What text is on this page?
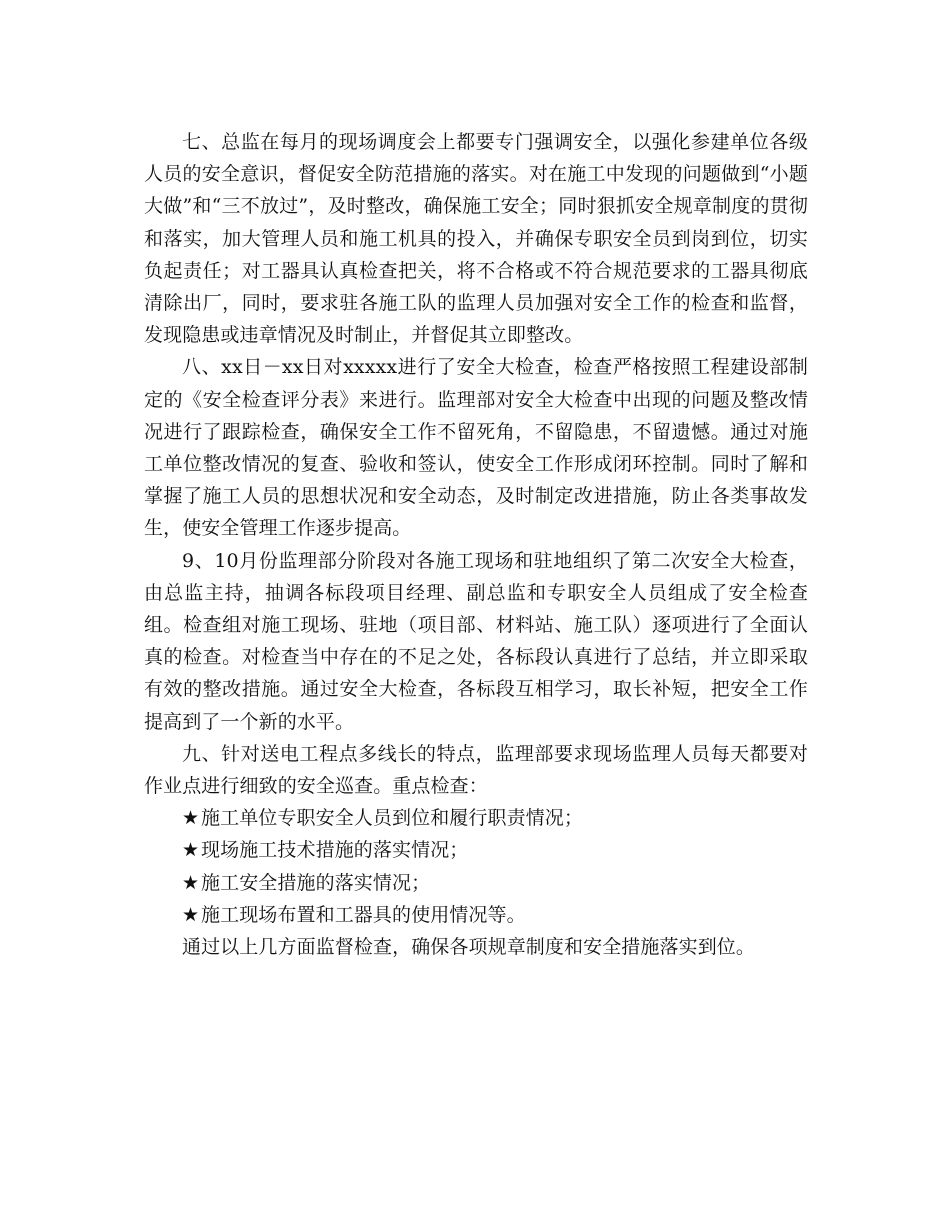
七、总监在每月的现场调度会上都要专门强调安全，以强化参建单位各级人员的安全意识，督促安全防范措施的落实。对在施工中发现的问题做到“小题大做”和“三不放过”，及时整改，确保施工安全；同时狠抓安全规章制度的贯彻和落实，加大管理人员和施工机具的投入，并确保专职安全员到岗到位，切实负起责任；对工器具认真检查把关，将不合格或不符合规范要求的工器具彻底清除出厂，同时，要求驻各施工队的监理人员加强对安全工作的检查和监督，发现隐患或违章情况及时制止，并督促其立即整改。

八、xx日－xx日对xxxxx进行了安全大检查，检查严格按照工程建设部制定的《安全检查评分表》来进行。监理部对安全大检查中出现的问题及整改情况进行了跟踪检查，确保安全工作不留死角，不留隐患，不留遗憾。通过对施工单位整改情况的复查、验收和签认，使安全工作形成闭环控制。同时了解和掌握了施工人员的思想状况和安全动态，及时制定改进措施，防止各类事故发生，使安全管理工作逐步提高。

9、10月份监理部分阶段对各施工现场和驻地组织了第二次安全大检查，由总监主持，抽调各标段项目经理、副总监和专职安全人员组成了安全检查组。检查组对施工现场、驻地（项目部、材料站、施工队）逐项进行了全面认真的检查。对检查当中存在的不足之处，各标段认真进行了总结，并立即采取有效的整改措施。通过安全大检查，各标段互相学习，取长补短，把安全工作提高到了一个新的水平。

九、针对送电工程点多线长的特点，监理部要求现场监理人员每天都要对作业点进行细致的安全巡查。重点检查：

★施工单位专职安全人员到位和履行职责情况；

★现场施工技术措施的落实情况；

★施工安全措施的落实情况；

★施工现场布置和工器具的使用情况等。

通过以上几方面监督检查，确保各项规章制度和安全措施落实到位。
